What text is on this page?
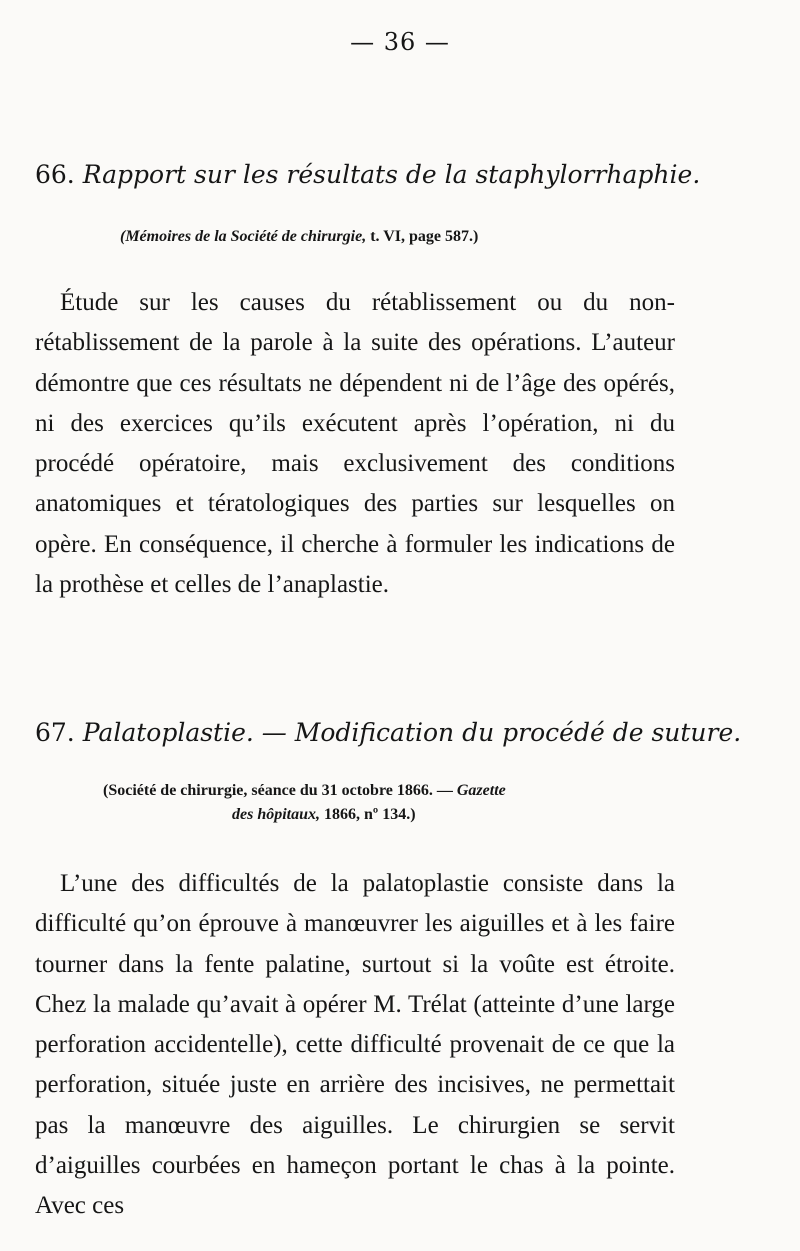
— 36 —
66. Rapport sur les résultats de la staphylorrhaphie.
(Mémoires de la Société de chirurgie, t. VI, page 587.)
Étude sur les causes du rétablissement ou du non-rétablissement de la parole à la suite des opérations. L’auteur démontre que ces résultats ne dépendent ni de l’âge des opérés, ni des exercices qu’ils exécutent après l’opération, ni du procédé opératoire, mais exclusivement des conditions anatomiques et tératologiques des parties sur lesquelles on opère. En conséquence, il cherche à formuler les indications de la prothèse et celles de l’anaplastie.
67. Palatoplastie. — Modification du procédé de suture.
(Société de chirurgie, séance du 31 octobre 1866. — Gazette
des hôpitaux, 1866, nº 134.)
L’une des difficultés de la palatoplastie consiste dans la difficulté qu’on éprouve à manœuvrer les aiguilles et à les faire tourner dans la fente palatine, surtout si la voûte est étroite. Chez la malade qu’avait à opérer M. Trélat (atteinte d’une large perforation accidentelle), cette difficulté provenait de ce que la perforation, située juste en arrière des incisives, ne permettait pas la manœuvre des aiguilles. Le chirurgien se servit d’aiguilles courbées en hameçon portant le chas à la pointe. Avec ces
